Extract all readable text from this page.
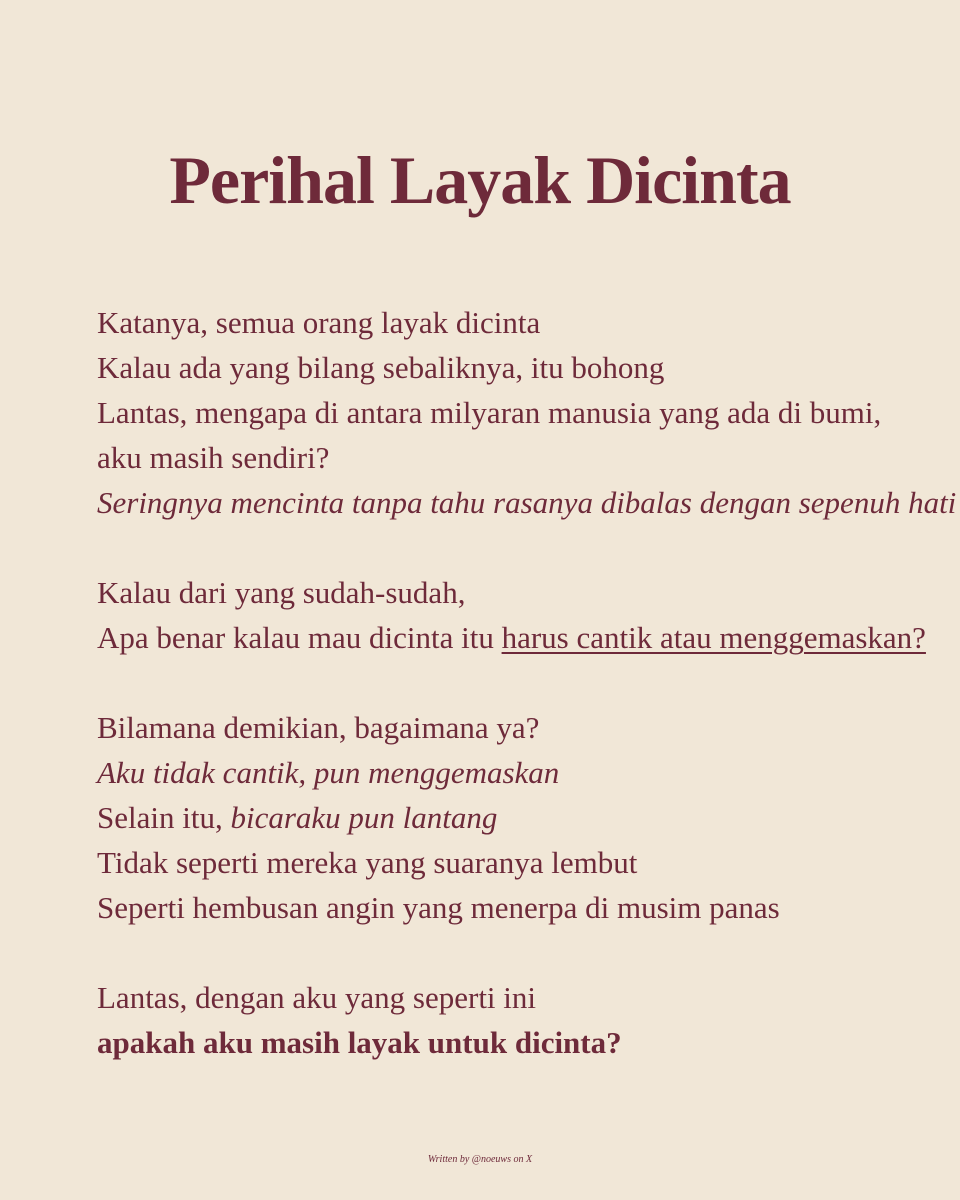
Perihal Layak Dicinta
Katanya, semua orang layak dicinta
Kalau ada yang bilang sebaliknya, itu bohong
Lantas, mengapa di antara milyaran manusia yang ada di bumi,
aku masih sendiri?
Seringnya mencinta tanpa tahu rasanya dibalas dengan sepenuh hati
Kalau dari yang sudah-sudah,
Apa benar kalau mau dicinta itu harus cantik atau menggemaskan?
Bilamana demikian, bagaimana ya?
Aku tidak cantik, pun menggemaskan
Selain itu, bicaraku pun lantang
Tidak seperti mereka yang suaranya lembut
Seperti hembusan angin yang menerpa di musim panas
Lantas, dengan aku yang seperti ini
apakah aku masih layak untuk dicinta?
Written by @noeuws on X
